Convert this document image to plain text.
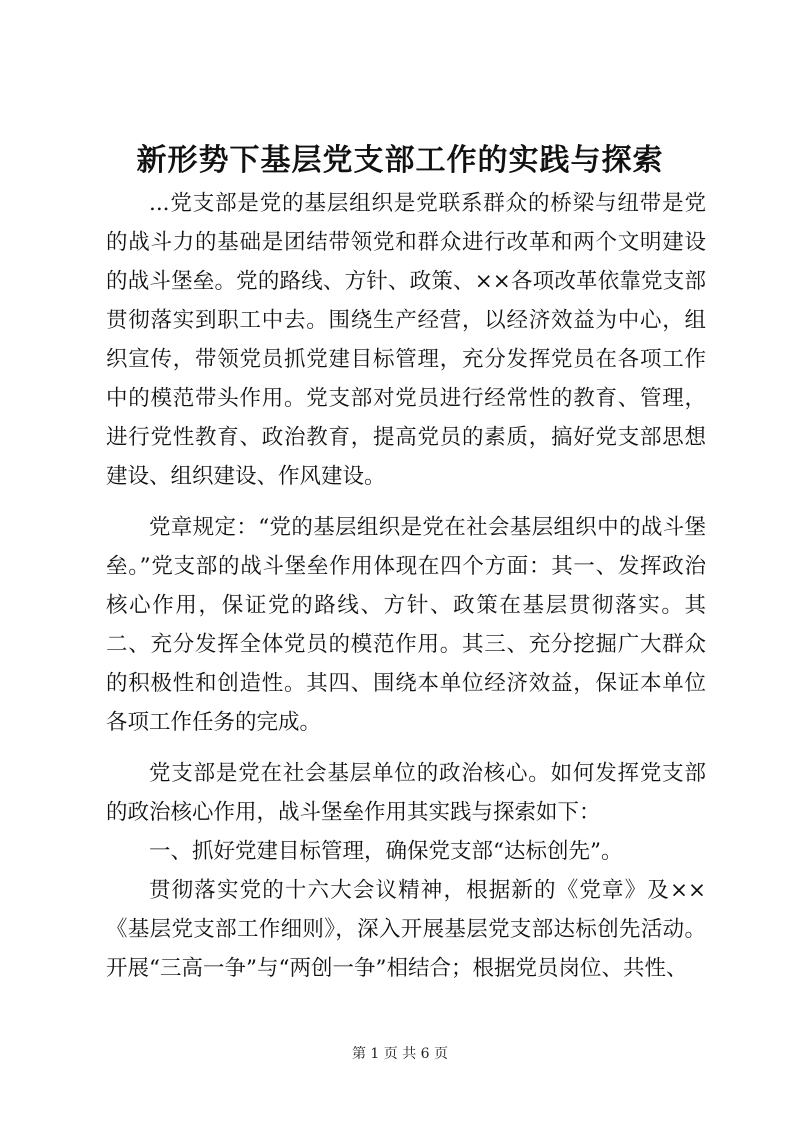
新形势下基层党支部工作的实践与探索

...党支部是党的基层组织是党联系群众的桥梁与纽带是党的战斗力的基础是团结带领党和群众进行改革和两个文明建设的战斗堡垒。党的路线、方针、政策、××各项改革依靠党支部贯彻落实到职工中去。围绕生产经营，以经济效益为中心，组织宣传，带领党员抓党建目标管理，充分发挥党员在各项工作中的模范带头作用。党支部对党员进行经常性的教育、管理，进行党性教育、政治教育，提高党员的素质，搞好党支部思想建设、组织建设、作风建设。

党章规定：“党的基层组织是党在社会基层组织中的战斗堡垒。”党支部的战斗堡垒作用体现在四个方面：其一、发挥政治核心作用，保证党的路线、方针、政策在基层贯彻落实。其二、充分发挥全体党员的模范作用。其三、充分挖掘广大群众的积极性和创造性。其四、围绕本单位经济效益，保证本单位各项工作任务的完成。

党支部是党在社会基层单位的政治核心。如何发挥党支部的政治核心作用，战斗堡垒作用其实践与探索如下：

一、抓好党建目标管理，确保党支部“达标创先”。

贯彻落实党的十六大会议精神，根据新的《党章》及××《基层党支部工作细则》，深入开展基层党支部达标创先活动。开展“三高一争”与“两创一争”相结合；根据党员岗位、共性、

第 1 页 共 6 页
